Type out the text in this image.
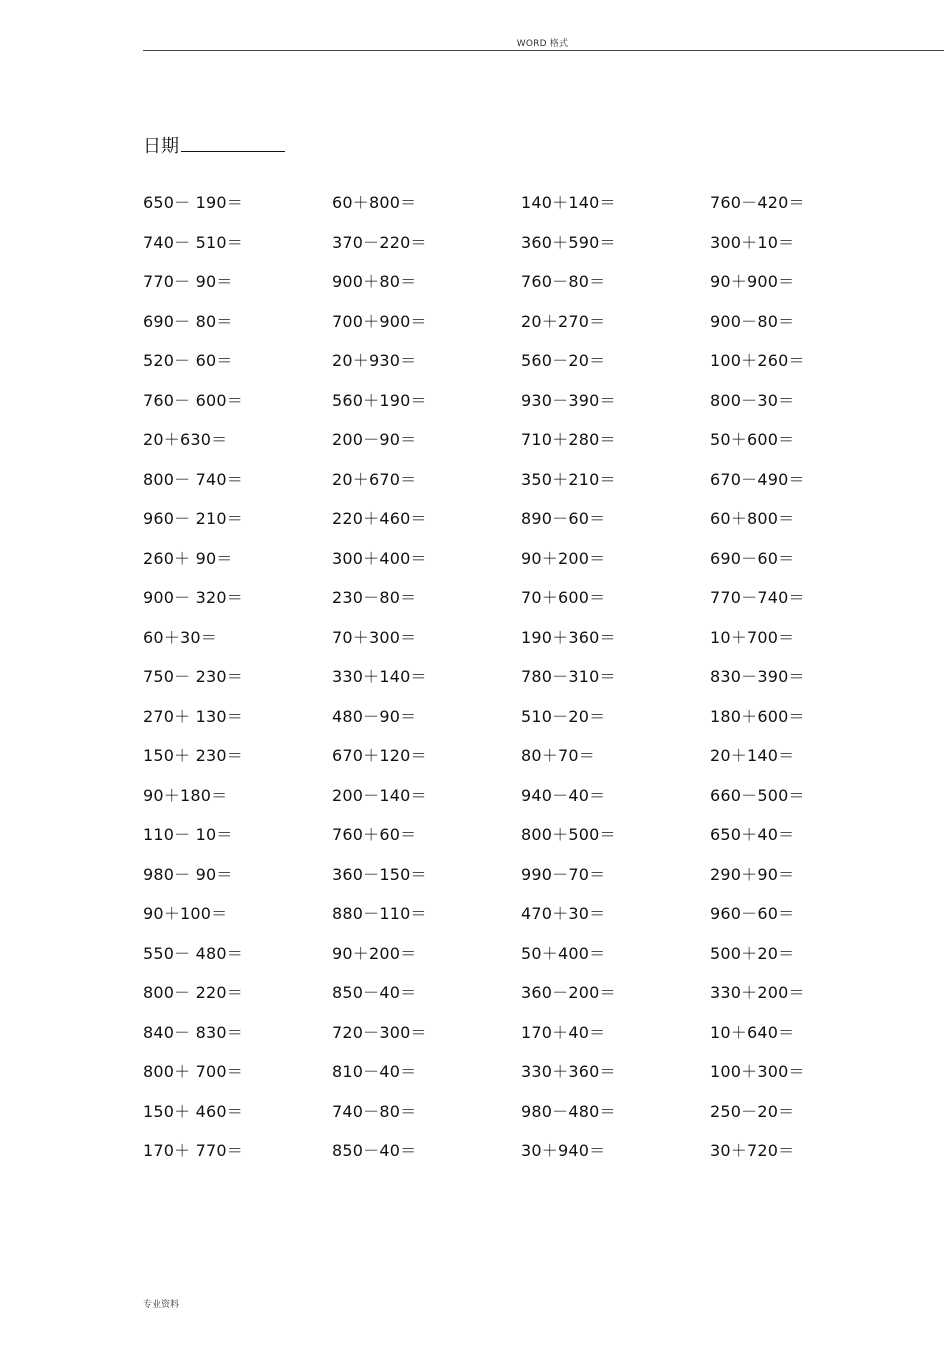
WORD 格式
日期
650－ 190＝	60＋800＝	140＋140＝	760－420＝
740－ 510＝	370－220＝	360＋590＝	300＋10＝
770－ 90＝	900＋80＝	760－80＝	90＋900＝
690－ 80＝	700＋900＝	20＋270＝	900－80＝
520－ 60＝	20＋930＝	560－20＝	100＋260＝
760－ 600＝	560＋190＝	930－390＝	800－30＝
20＋630＝	200－90＝	710＋280＝	50＋600＝
800－ 740＝	20＋670＝	350＋210＝	670－490＝
960－ 210＝	220＋460＝	890－60＝	60＋800＝
260＋ 90＝	300＋400＝	90＋200＝	690－60＝
900－ 320＝	230－80＝	70＋600＝	770－740＝
60＋30＝	70＋300＝	190＋360＝	10＋700＝
750－ 230＝	330＋140＝	780－310＝	830－390＝
270＋ 130＝	480－90＝	510－20＝	180＋600＝
150＋ 230＝	670＋120＝	80＋70＝	20＋140＝
90＋180＝	200－140＝	940－40＝	660－500＝
110－ 10＝	760＋60＝	800＋500＝	650＋40＝
980－ 90＝	360－150＝	990－70＝	290＋90＝
90＋100＝	880－110＝	470＋30＝	960－60＝
550－ 480＝	90＋200＝	50＋400＝	500＋20＝
800－ 220＝	850－40＝	360－200＝	330＋200＝
840－ 830＝	720－300＝	170＋40＝	10＋640＝
800＋ 700＝	810－40＝	330＋360＝	100＋300＝
150＋ 460＝	740－80＝	980－480＝	250－20＝
170＋ 770＝	850－40＝	30＋940＝	30＋720＝
专业资料
